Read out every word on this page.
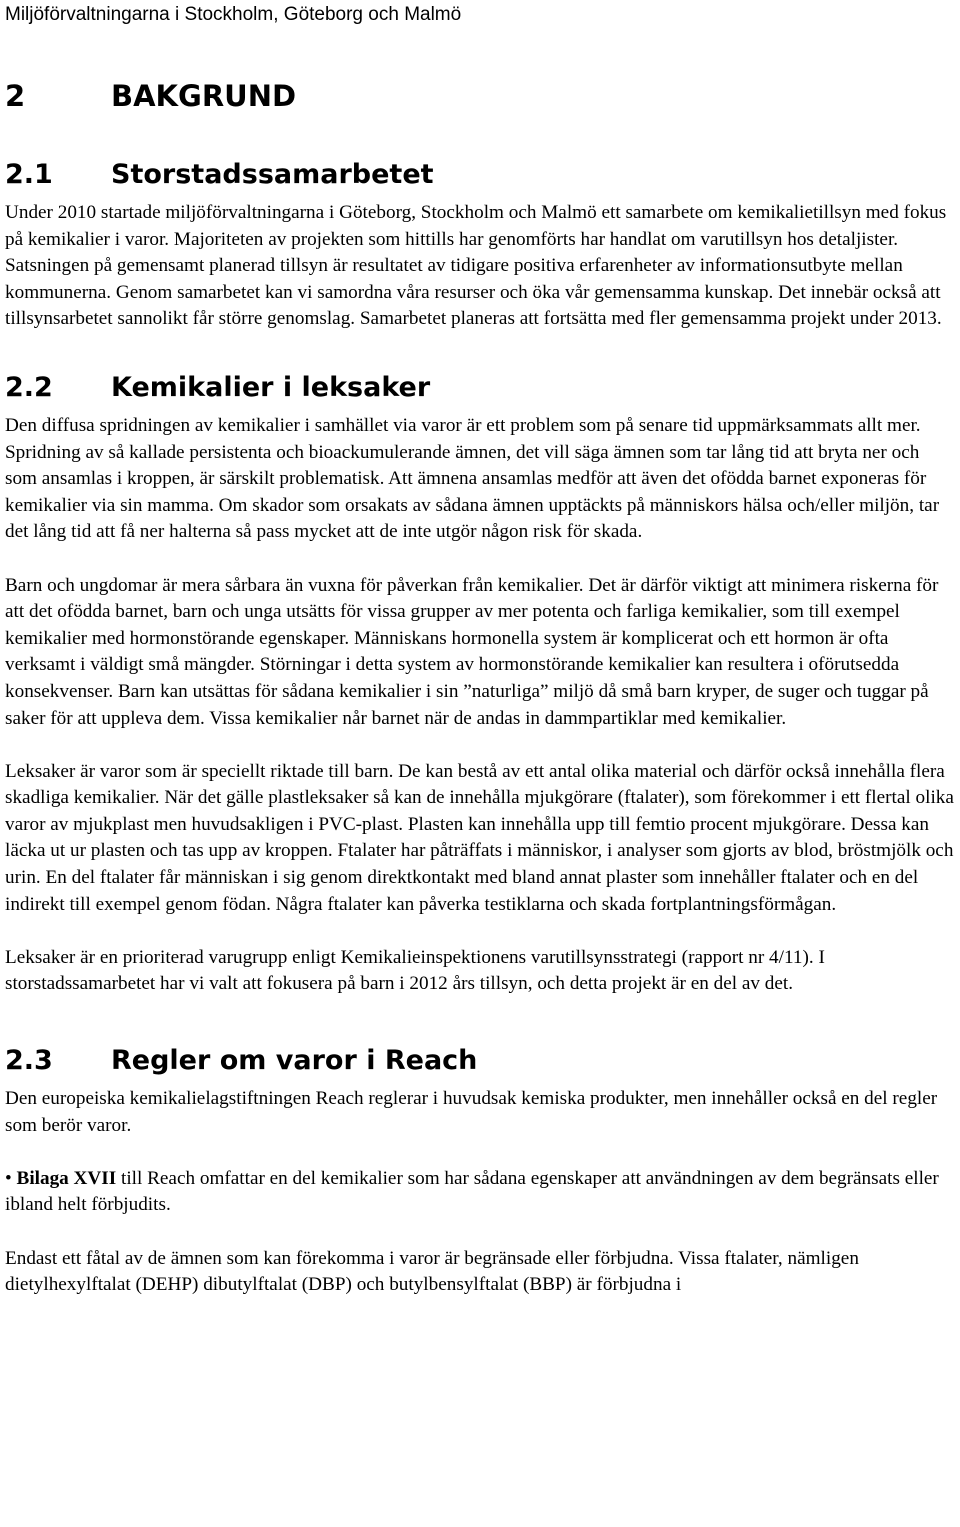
Miljöförvaltningarna i Stockholm, Göteborg och Malmö
2	BAKGRUND
2.1	Storstadssamarbetet

Under 2010 startade miljöförvaltningarna i Göteborg, Stockholm och Malmö ett samarbete om kemikalietillsyn med fokus på kemikalier i varor. Majoriteten av projekten som hittills har genomförts har handlat om varutillsyn hos detaljister. Satsningen på gemensamt planerad tillsyn är resultatet av tidigare positiva erfarenheter av informationsutbyte mellan kommunerna. Genom samarbetet kan vi samordna våra resurser och öka vår gemensamma kunskap. Det innebär också att tillsynsarbetet sannolikt får större genomslag. Samarbetet planeras att fortsätta med fler gemensamma projekt under 2013.

2.2	Kemikalier i leksaker

Den diffusa spridningen av kemikalier i samhället via varor är ett problem som på senare tid uppmärksammats allt mer. Spridning av så kallade persistenta och bioackumulerande ämnen, det vill säga ämnen som tar lång tid att bryta ner och som ansamlas i kroppen, är särskilt problematisk. Att ämnena ansamlas medför att även det ofödda barnet exponeras för kemikalier via sin mamma. Om skador som orsakats av sådana ämnen upptäckts på människors hälsa och/eller miljön, tar det lång tid att få ner halterna så pass mycket att de inte utgör någon risk för skada.

Barn och ungdomar är mera sårbara än vuxna för påverkan från kemikalier. Det är därför viktigt att minimera riskerna för att det ofödda barnet, barn och unga utsätts för vissa grupper av mer potenta och farliga kemikalier, som till exempel kemikalier med hormonstörande egenskaper. Människans hormonella system är komplicerat och ett hormon är ofta verksamt i väldigt små mängder. Störningar i detta system av hormonstörande kemikalier kan resultera i oförutsedda konsekvenser. Barn kan utsättas för sådana kemikalier i sin ”naturliga” miljö då små barn kryper, de suger och tuggar på saker för att uppleva dem. Vissa kemikalier når barnet när de andas in dammpartiklar med kemikalier.

Leksaker är varor som är speciellt riktade till barn. De kan bestå av ett antal olika material och därför också innehålla flera skadliga kemikalier. När det gälle plastleksaker så kan de innehålla mjukgörare (ftalater), som förekommer i ett flertal olika varor av mjukplast men huvudsakligen i PVC-plast. Plasten kan innehålla upp till femtio procent mjukgörare. Dessa kan läcka ut ur plasten och tas upp av kroppen. Ftalater har påträffats i människor, i analyser som gjorts av blod, bröstmjölk och urin. En del ftalater får människan i sig genom direktkontakt med bland annat plaster som innehåller ftalater och en del indirekt till exempel genom födan. Några ftalater kan påverka testiklarna och skada fortplantningsförmågan.

Leksaker är en prioriterad varugrupp enligt Kemikalieinspektionens varutillsynsstrategi (rapport nr 4/11). I storstadssamarbetet har vi valt att fokusera på barn i 2012 års tillsyn, och detta projekt är en del av det.

2.3	Regler om varor i Reach

Den europeiska kemikalielagstiftningen Reach reglerar i huvudsak kemiska produkter, men innehåller också en del regler som berör varor.

• Bilaga XVII till Reach omfattar en del kemikalier som har sådana egenskaper att användningen av dem begränsats eller ibland helt förbjudits.

Endast ett fåtal av de ämnen som kan förekomma i varor är begränsade eller förbjudna. Vissa ftalater, nämligen dietylhexylftalat (DEHP) dibutylftalat (DBP) och butylbensylftalat (BBP) är förbjudna i
